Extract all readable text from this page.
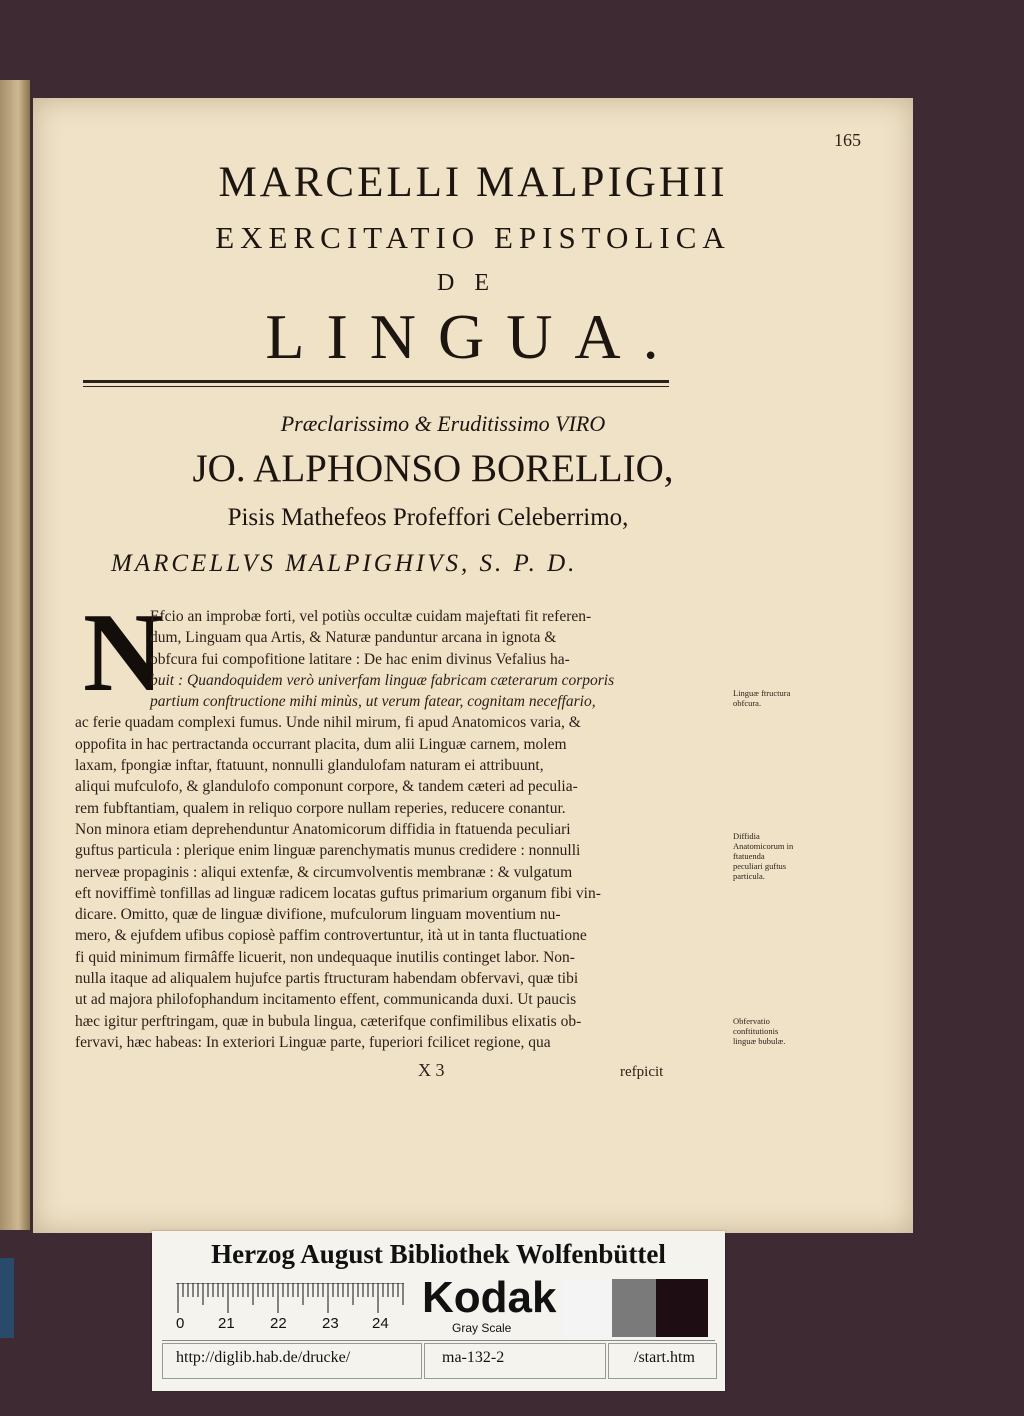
165
MARCELLI MALPIGHII
EXERCITATIO EPISTOLICA
DE
LINGUA.
Præclarissimo & Eruditissimo VIRO
JO. ALPHONSO BORELLIO,
Pisis Mathefeos Profeffori Celeberrimo,
MARCELLVS MALPIGHIVS, S. P. D.
N
Efcio an improbæ forti, vel potiùs occultæ cuidam majeftati fit referen-
dum, Linguam qua Artis, & Naturæ panduntur arcana in ignota &
obfcura fui compofitione latitare : De hac enim divinus Vefalius ha-
buit : Quandoquidem verò univerfam linguæ fabricam cæterarum corporis
partium conftructione mihi minùs, ut verum fatear, cognitam neceffario,
ac ferie quadam complexi fumus. Unde nihil mirum, fi apud Anatomicos varia, &
oppofita in hac pertractanda occurrant placita, dum alii Linguæ carnem, molem
laxam, fpongiæ inftar, ftatuunt, nonnulli glandulofam naturam ei attribuunt,
aliqui mufculofo, & glandulofo componunt corpore, & tandem cæteri ad peculia-
rem fubftantiam, qualem in reliquo corpore nullam reperies, reducere conantur.
Non minora etiam deprehenduntur Anatomicorum diffidia in ftatuenda peculiari
guftus particula : plerique enim linguæ parenchymatis munus credidere : nonnulli
nerveæ propaginis : aliqui extenfæ, & circumvolventis membranæ : & vulgatum
eft noviffimè tonfillas ad linguæ radicem locatas guftus primarium organum fibi vin-
dicare. Omitto, quæ de linguæ divifione, mufculorum linguam moventium nu-
mero, & ejufdem ufibus copiosè paffim controvertuntur, ità ut in tanta fluctuatione
fi quid minimum firmâffe licuerit, non undequaque inutilis continget labor. Non-
nulla itaque ad aliqualem hujufce partis ftructuram habendam obfervavi, quæ tibi
ut ad majora philofophandum incitamento effent, communicanda duxi. Ut paucis
hæc igitur perftringam, quæ in bubula lingua, cæterifque confimilibus elixatis ob-
fervavi, hæc habeas: In exteriori Linguæ parte, fuperiori fcilicet regione, qua
Linguæ ftructura obfcura.
Diffidia Anatomicorum in ftatuenda peculiari guftus particula.
Obfervatio conftitutionis linguæ bubulæ.
X 3	refpicit
Herzog August Bibliothek Wolfenbüttel
0 21 22 23 24
Kodak
Gray Scale
http://diglib.hab.de/drucke/	ma-132-2	/start.htm
